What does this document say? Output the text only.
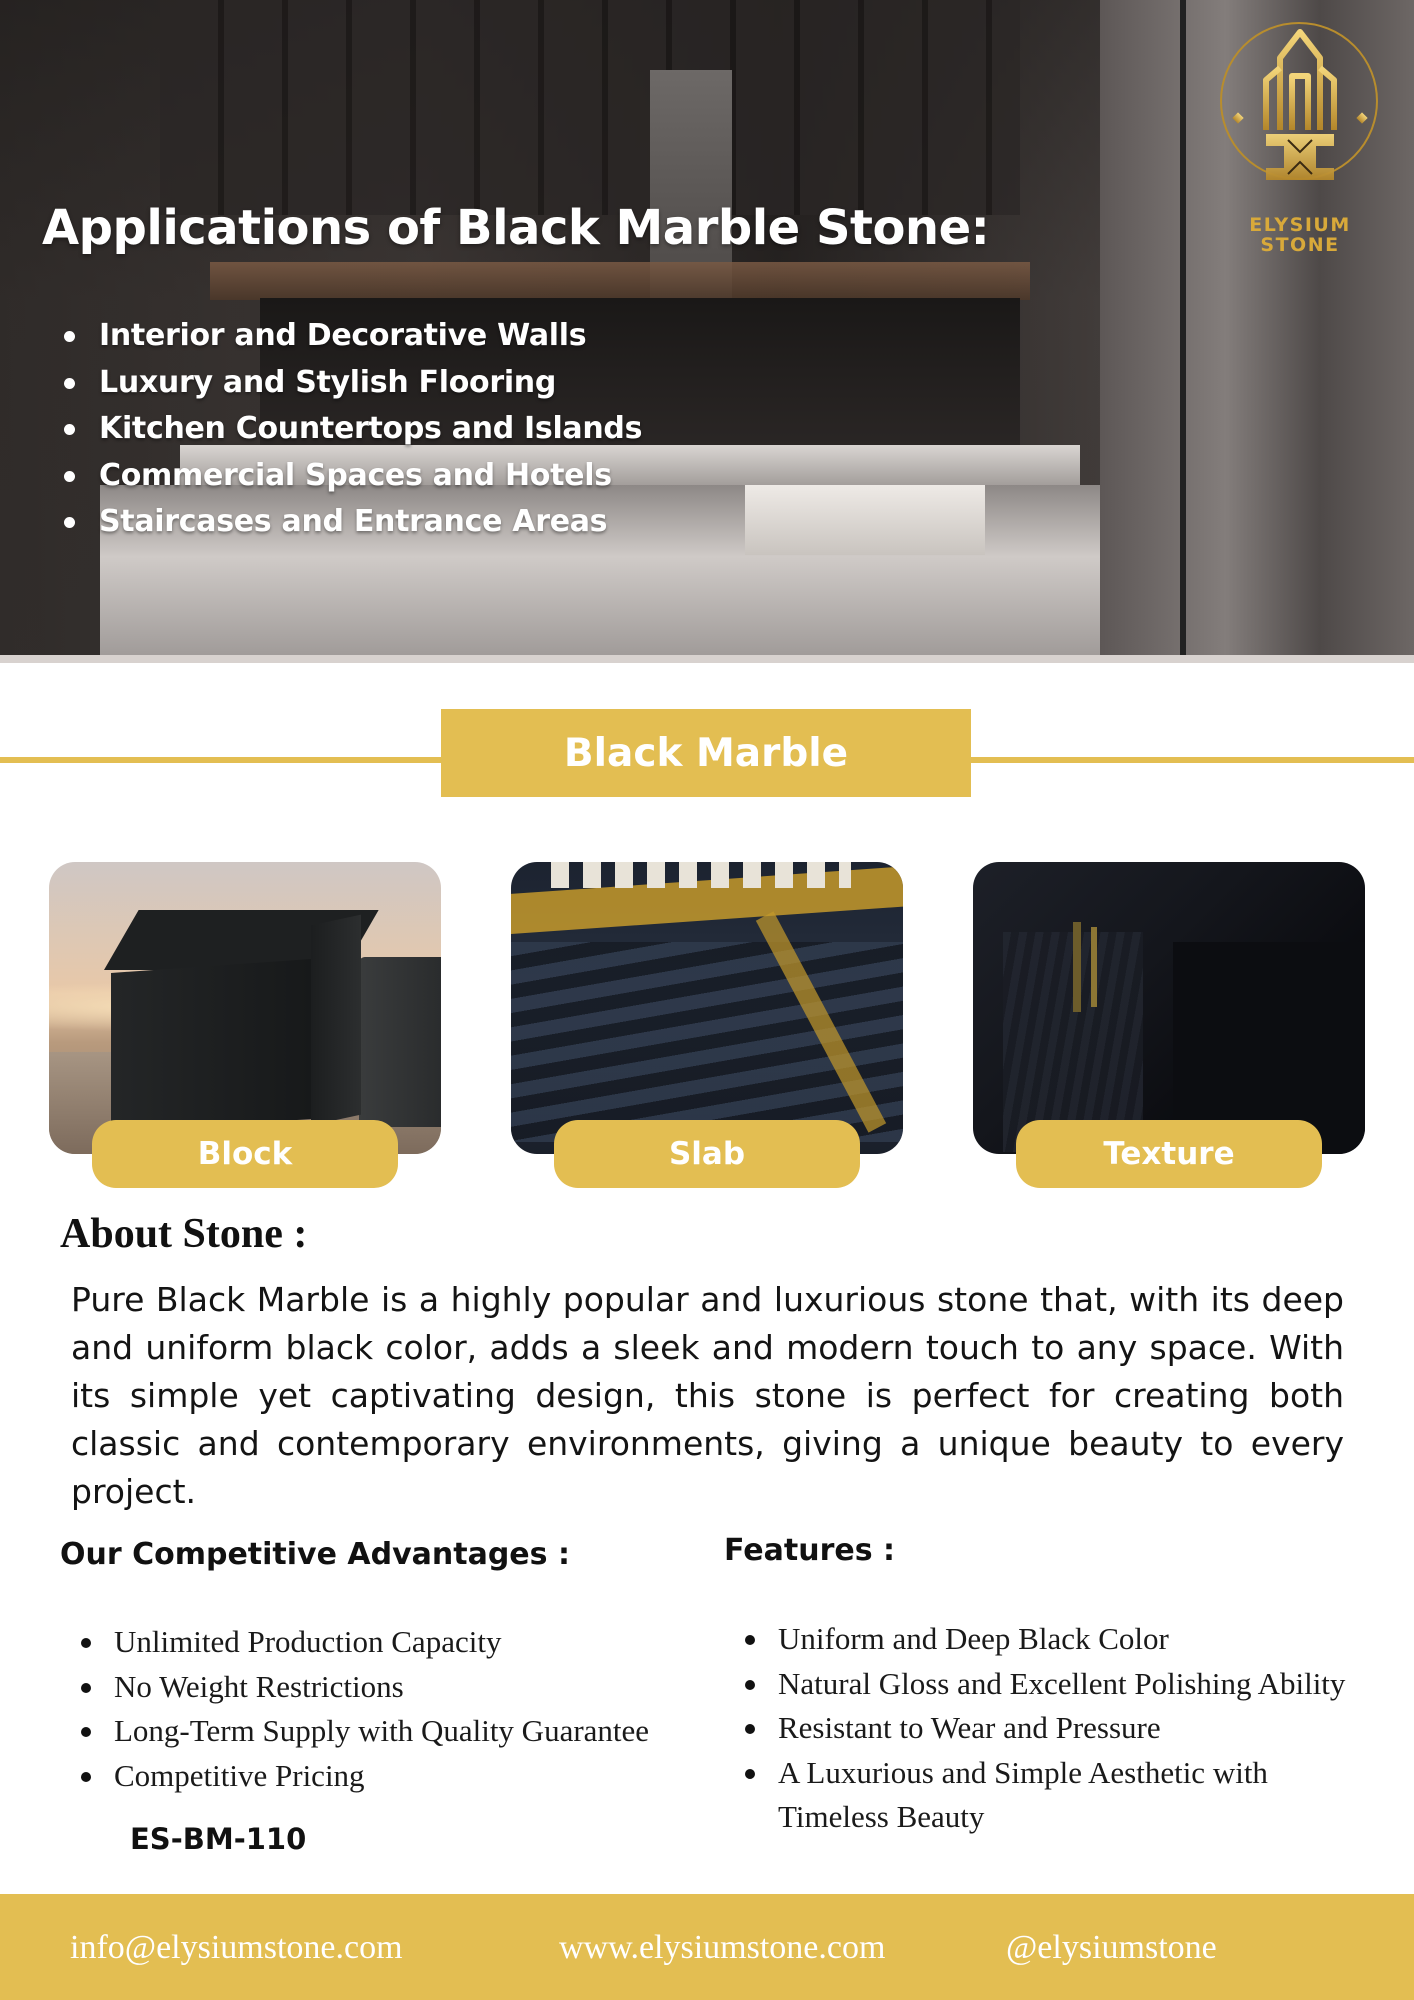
Applications of Black Marble Stone:
Interior and Decorative Walls
Luxury and Stylish Flooring
Kitchen Countertops and Islands
Commercial Spaces and Hotels
Staircases and Entrance Areas
ELYSIUM STONE
Black Marble
Block	Slab	Texture
About Stone :

Pure Black Marble is a highly popular and luxurious stone that, with its deep and uniform black color, adds a sleek and modern touch to any space. With its simple yet captivating design, this stone is perfect for creating both classic and contemporary environments, giving a unique beauty to every project.

Our Competitive Advantages :
Unlimited Production Capacity
No Weight Restrictions
Long-Term Supply with Quality Guarantee
Competitive Pricing
Features :
Uniform and Deep Black Color
Natural Gloss and Excellent Polishing Ability
Resistant to Wear and Pressure
A Luxurious and Simple Aesthetic with Timeless Beauty

ES-BM-110

info@elysiumstone.com	www.elysiumstone.com	@elysiumstone
